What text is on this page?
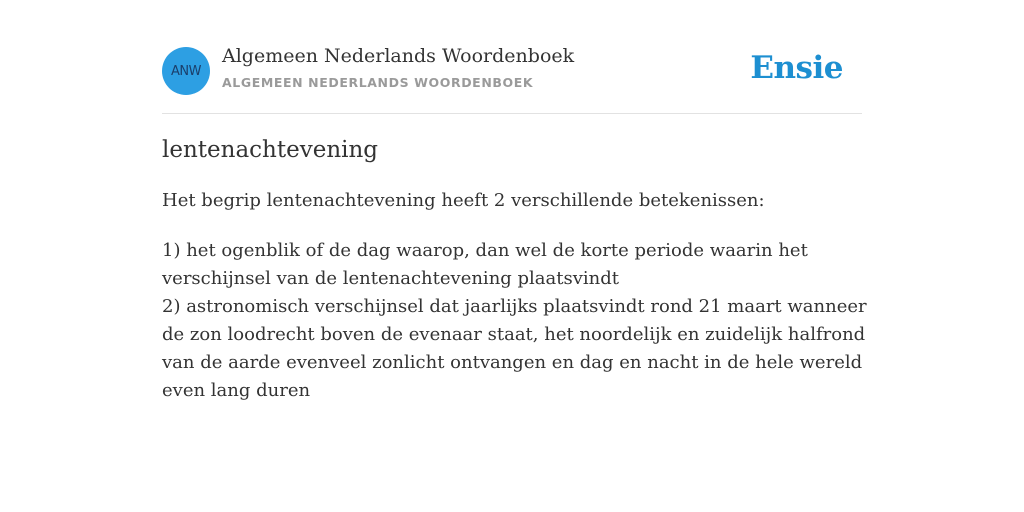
ANW
Algemeen Nederlands Woordenboek
ALGEMEEN NEDERLANDS WOORDENBOEK	Ensie
lentenachtevening

Het begrip lentenachtevening heeft 2 verschillende betekenissen:

1) het ogenblik of de dag waarop, dan wel de korte periode waarin het verschijnsel van de lentenachtevening plaatsvindt
2) astronomisch verschijnsel dat jaarlijks plaatsvindt rond 21 maart wanneer de zon loodrecht boven de evenaar staat, het noordelijk en zuidelijk halfrond van de aarde evenveel zonlicht ontvangen en dag en nacht in de hele wereld even lang duren
